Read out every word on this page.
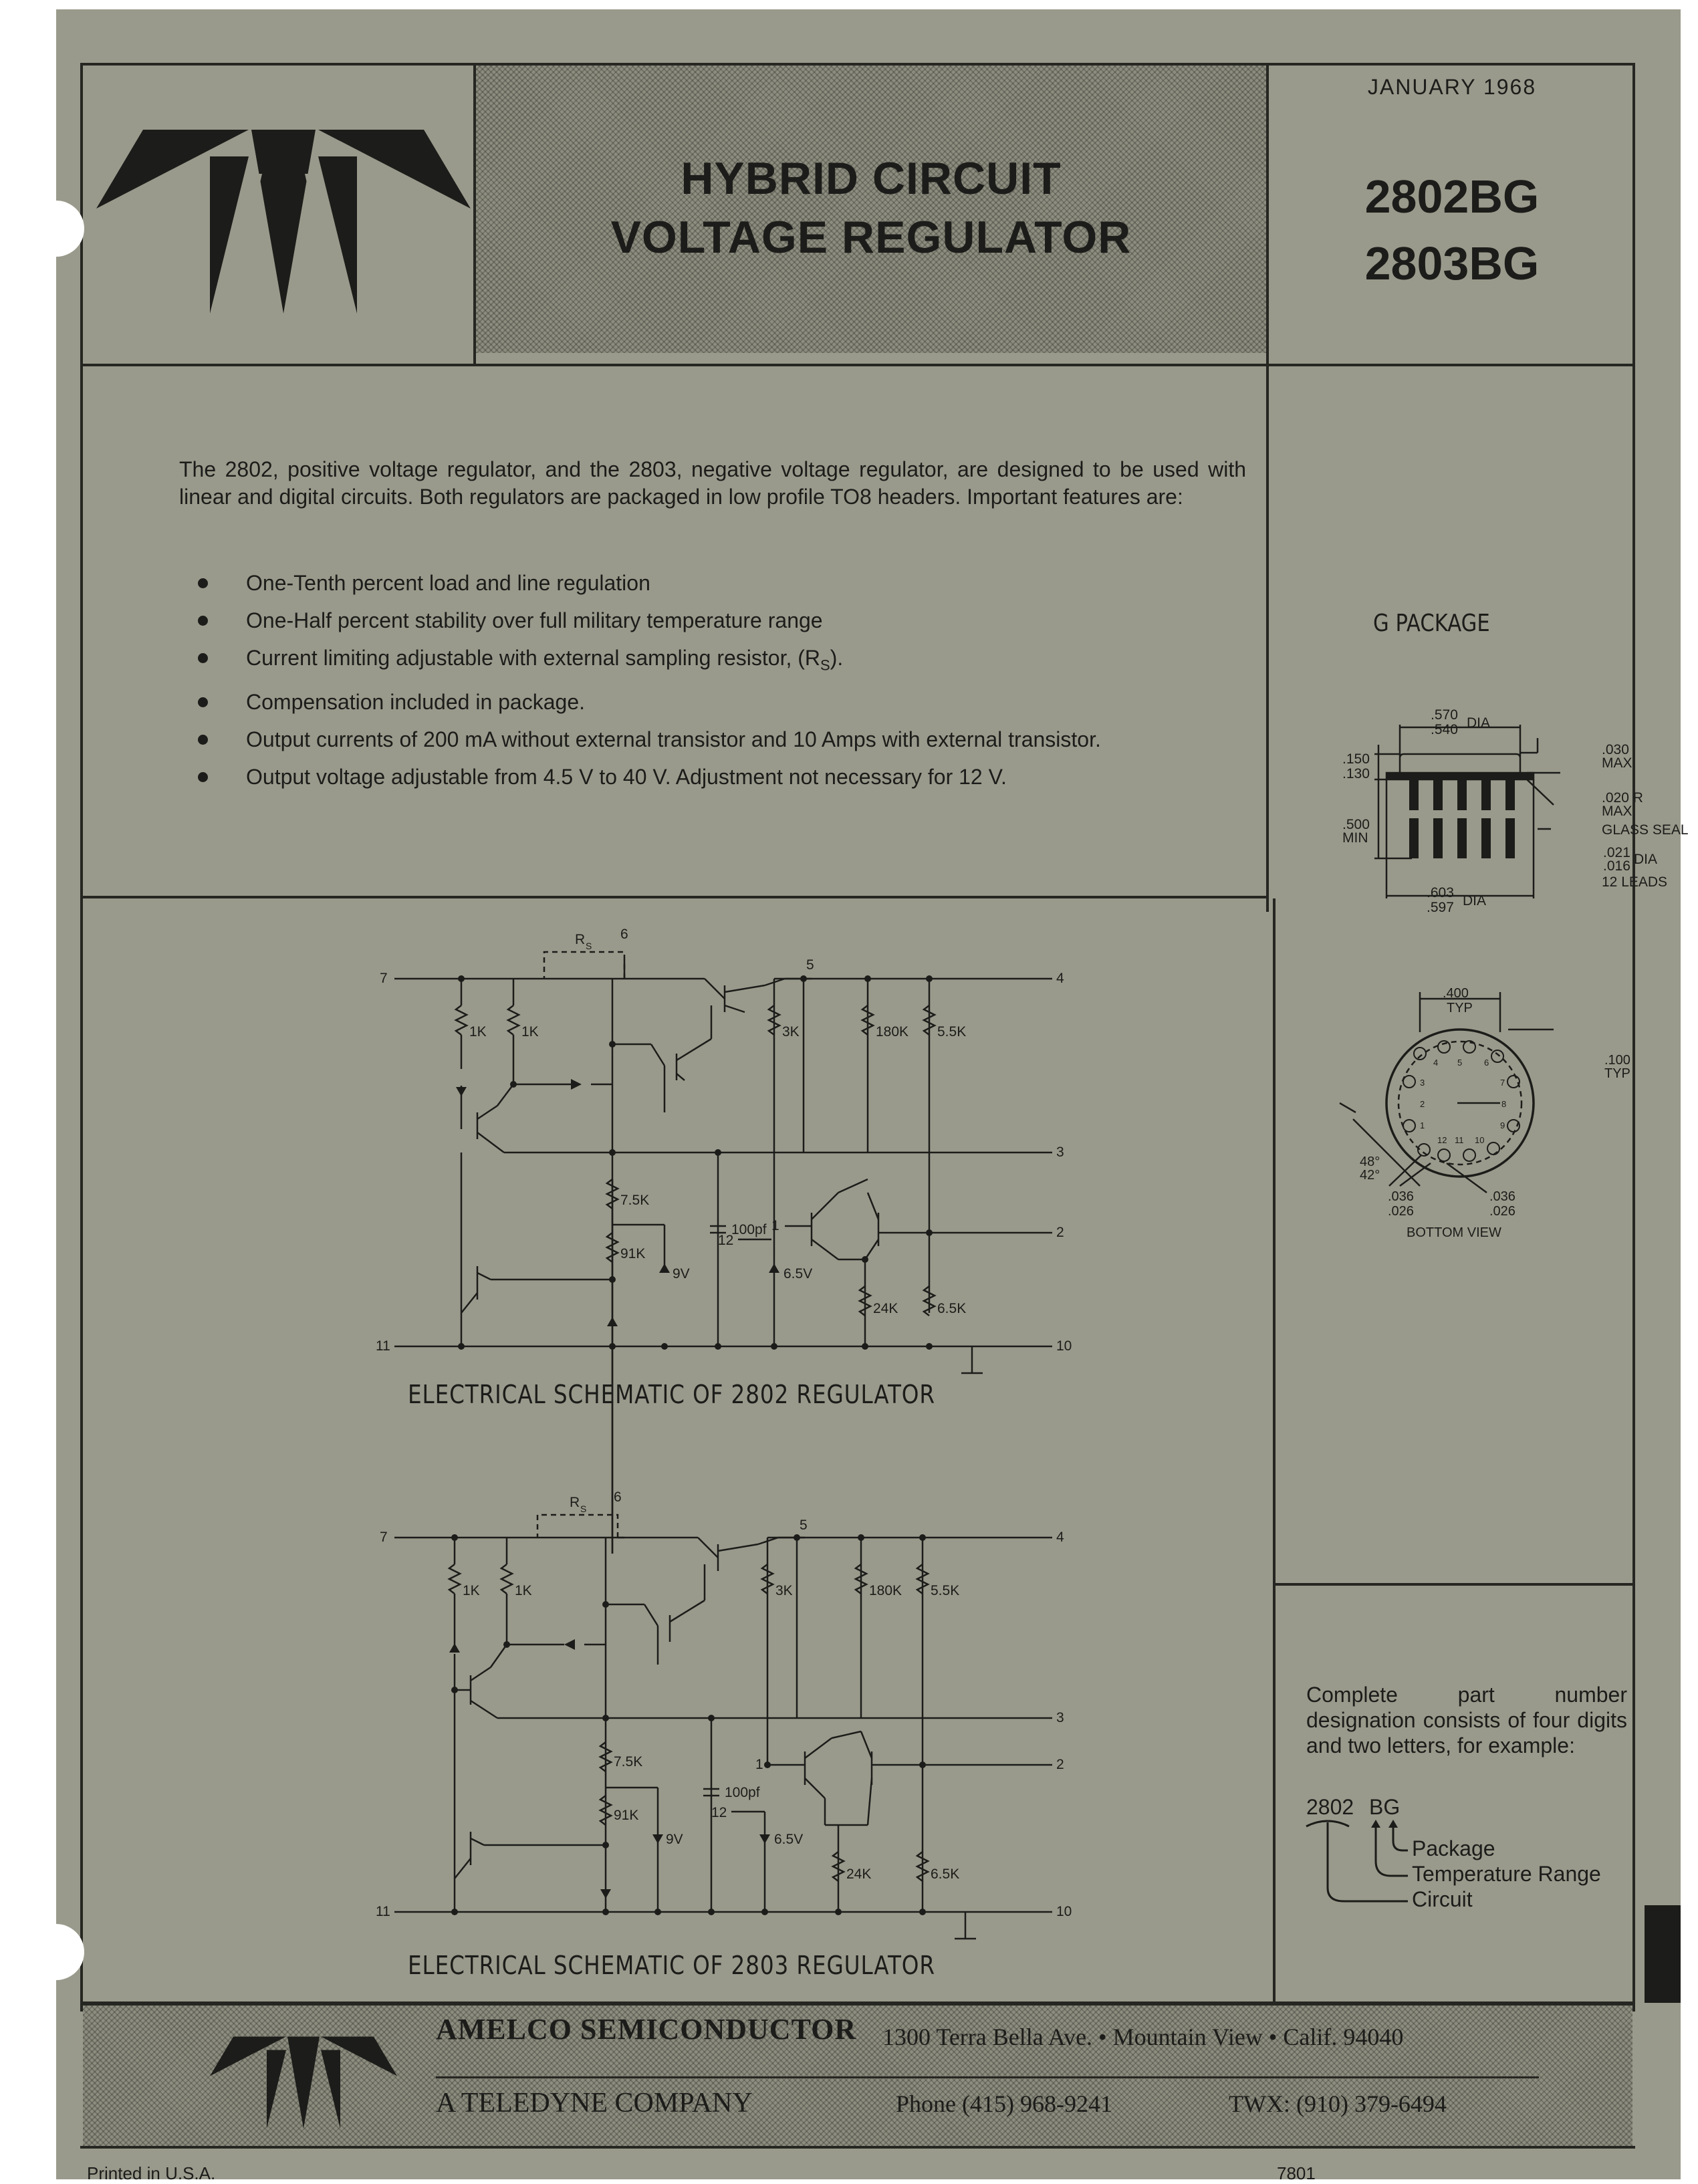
HYBRID CIRCUIT
VOLTAGE REGULATOR
JANUARY 1968
2802BG
2803BG
The 2802, positive voltage regulator, and the 2803, negative voltage regulator, are designed to be used with linear and digital circuits. Both regulators are packaged in low profile TO8 headers. Important features are:
One-Tenth percent load and line regulation
One-Half percent stability over full military temperature range
Current limiting adjustable with external sampling resistor, $(R_S)$.
Compensation included in package.
Output currents of 200 mA without external transistor and 10 Amps with external transistor.
Output voltage adjustable from 4.5 V to 40 V. Adjustment not necessary for 12 V.
G PACKAGE
.570
.540 DIA
.150
.130
.030
MAX
.020 R
MAX
GLASS SEAL
.500
MIN
.021
.016 DIA
12 LEADS
.603
.597 DIA
.400
TYP
.100
TYP
48°
42°
.036
.026
.036
.026
BOTTOM VIEW
4 5	6
3	7
2	8
1	9
12 11 10
R S
6
7
5
4
3
2
1
12
11	10
1K 1K
7.5K
91K
9V
100pf
3K	180K 5.5K
6.5V
24K	6.5K
ELECTRICAL SCHEMATIC OF 2802 REGULATOR
R S
6
7
5
4
3
2
1
12
11	10
1K 1K
7.5K
91K
9V
100pf
3K	180K 5.5K
6.5V
24K	6.5K
ELECTRICAL SCHEMATIC OF 2803 REGULATOR
Complete part number designation consists of four digits and two letters, for example:
2802 BG
Package
Temperature Range
Circuit
AMELCO SEMICONDUCTOR 1300 Terra Bella Ave. • Mountain View • Calif. 94040
A TELEDYNE COMPANY	Phone (415) 968-9241	TWX: (910) 379-6494
Printed in U.S.A.	7801
